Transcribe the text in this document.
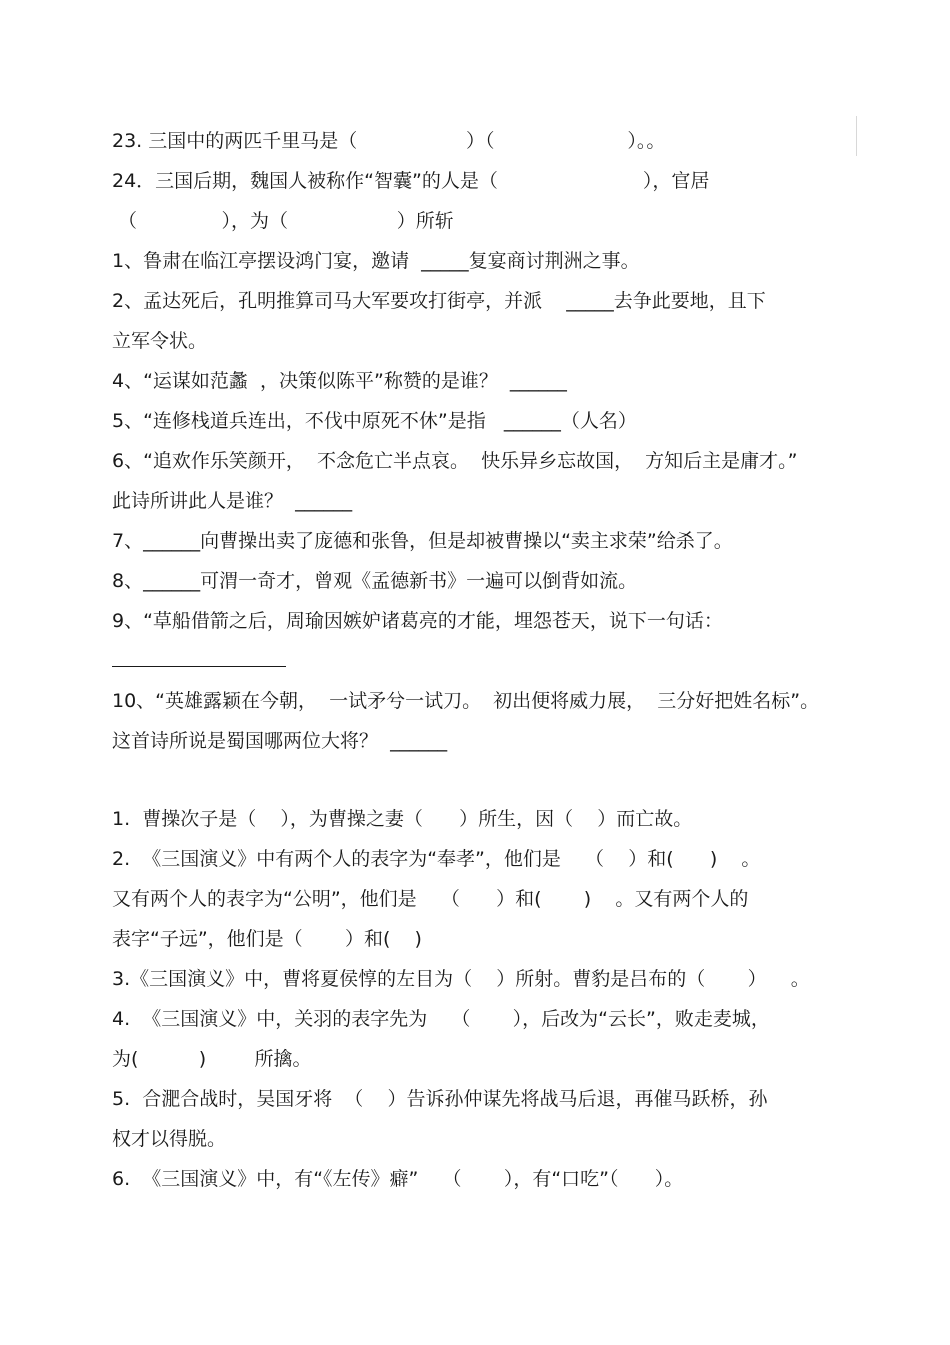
23. 三国中的两匹千里马是（                  ）（                      ）。。
24．三国后期，魏国人被称作“智囊”的人是（                        ），官居
（              ），为（                  ）所斩
1、鲁肃在临江亭摆设鸿门宴，邀请  _____复宴商讨荆洲之事。
2、孟达死后，孔明推算司马大军要攻打街亭，并派    _____去争此要地，且下
立军令状。
4、“运谋如范蠡  ，决策似陈平”称赞的是谁？  ______
5、“连修栈道兵连出，不伐中原死不休”是指   ______（人名）
6、“追欢作乐笑颜开，  不念危亡半点哀。  快乐异乡忘故国，  方知后主是庸才。”
此诗所讲此人是谁？  ______
7、______向曹操出卖了庞德和张鲁，但是却被曹操以“卖主求荣”给杀了。
8、______可渭一奇才，曾观《孟德新书》一遍可以倒背如流。
9、“草船借箭之后，周瑜因嫉妒诸葛亮的才能，埋怨苍天，说下一句话：
10、“英雄露颖在今朝，  一试矛兮一试刀。  初出便将威力展，  三分好把姓名标”。
这首诗所说是蜀国哪两位大将？  ______
1.  曹操次子是（    ），为曹操之妻（      ）所生，因（    ）而亡故。
2.  《三国演义》中有两个人的表字为“奉孝”，他们是    （    ）和(      )    。
又有两个人的表字为“公明”，他们是    （      ）和(       )    。又有两个人的
表字“子远”，他们是（       ）和(    )
3.《三国演义》中，曹将夏侯惇的左目为（    ）所射。曹豹是吕布的（       ）    。
4.  《三国演义》中，关羽的表字先为    （       ），后改为“云长”，败走麦城，
为(          )        所擒。
5.  合淝合战时，吴国牙将  （    ）告诉孙仲谋先将战马后退，再催马跃桥，孙
权才以得脱。
6.  《三国演义》中，有“《左传》癖”    （       ），有“口吃”（      ）。
